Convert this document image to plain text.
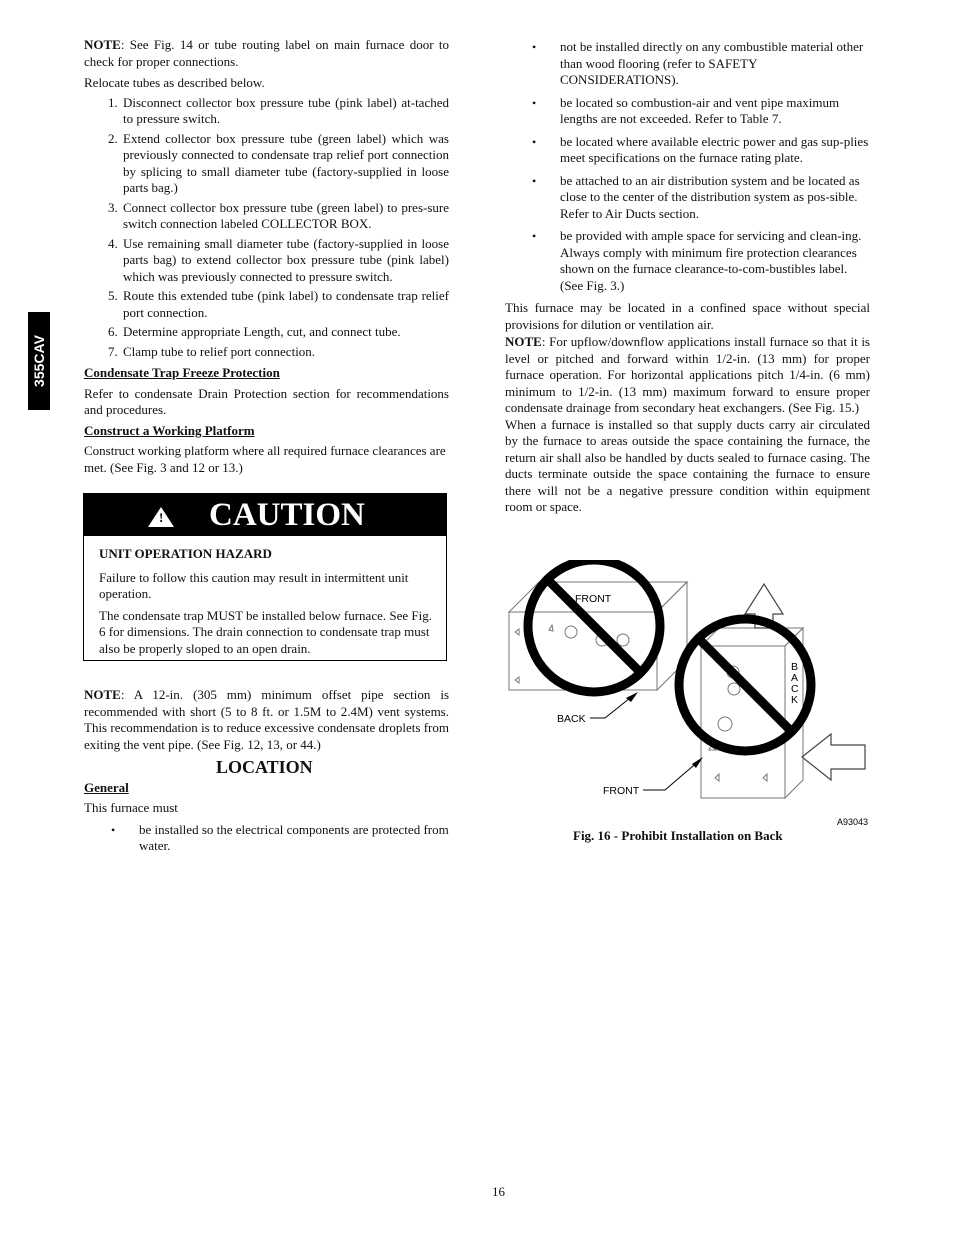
355CAV

NOTE: See Fig. 14 or tube routing label on main furnace door to check for proper connections.

Relocate tubes as described below.

1. Disconnect collector box pressure tube (pink label) at-tached to pressure switch.
2. Extend collector box pressure tube (green label) which was previously connected to condensate trap relief port connection by splicing to small diameter tube (factory-supplied in loose parts bag.)
3. Connect collector box pressure tube (green label) to pres-sure switch connection labeled COLLECTOR BOX.
4. Use remaining small diameter tube (factory-supplied in loose parts bag) to extend collector box pressure tube (pink label) which was previously connected to pressure switch.
5. Route this extended tube (pink label) to condensate trap relief port connection.
6. Determine appropriate Length, cut, and connect tube.
7. Clamp tube to relief port connection.
Condensate Trap Freeze Protection

Refer to condensate Drain Protection section for recommendations and procedures.

Construct a Working Platform

Construct working platform where all required furnace clearances are met. (See Fig. 3 and 12 or 13.)

! CAUTION

UNIT OPERATION HAZARD

Failure to follow this caution may result in intermittent unit operation.

The condensate trap MUST be installed below furnace. See Fig. 6 for dimensions. The drain connection to condensate trap must also be properly sloped to an open drain.

NOTE: A 12-in. (305 mm) minimum offset pipe section is recommended with short (5 to 8 ft. or 1.5M to 2.4M) vent systems. This recommendation is to reduce excessive condensate droplets from exiting the vent pipe. (See Fig. 12, 13, or 44.)

LOCATION
General

This furnace must

• be installed so the electrical components are protected from water.
• not be installed directly on any combustible material other than wood flooring (refer to SAFETY CONSIDERATIONS).
• be located so combustion-air and vent pipe maximum lengths are not exceeded. Refer to Table 7.
• be located where available electric power and gas sup-plies meet specifications on the furnace rating plate.
• be attached to an air distribution system and be located as close to the center of the distribution system as pos-sible. Refer to Air Ducts section.
• be provided with ample space for servicing and clean-ing. Always comply with minimum fire protection clearances shown on the furnace clearance-to-com-bustibles label. (See Fig. 3.)

This furnace may be located in a confined space without special provisions for dilution or ventilation air.

NOTE: For upflow/downflow applications install furnace so that it is level or pitched and forward within 1/2-in. (13 mm) for proper furnace operation. For horizontal applications pitch 1/4-in. (6 mm) minimum to 1/2-in. (13 mm) maximum forward to ensure proper condensate drainage from secondary heat exchangers. (See Fig. 15.)

When a furnace is installed so that supply ducts carry air circulated by the furnace to areas outside the space containing the furnace, the return air shall also be handled by ducts sealed to furnace casing. The ducts terminate outside the space containing the furnace to ensure there will not be a negative pressure condition within equipment room or space.

FRONT
BACK
FRONT
B
A
C
K
A93043
Fig. 16 - Prohibit Installation on Back
16
